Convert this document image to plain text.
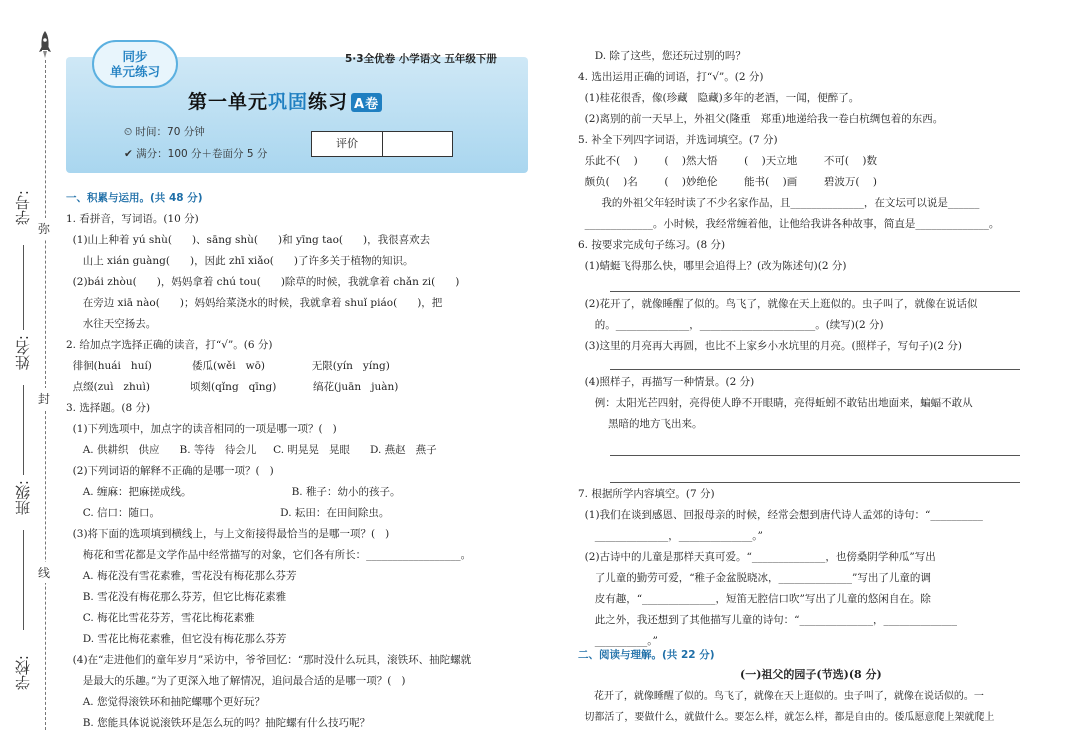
学号:
姓名:
班级:
学校:
弥
封
线
同步
单元练习
5·3全优卷 小学语文 五年级下册
第一单元巩固练习 A卷
⏲ 时间：70 分钟
✔ 满分：100 分＋卷面分 5 分
评价

一、积累与运用。(共 48 分)

1. 看拼音，写词语。(10 分)

(1)山上种着 yú shù(      )、sāng shù(      )和 yīng tao(      )，我很喜欢去

山上 xián guàng(      )，因此 zhī xiǎo(      )了许多关于植物的知识。

(2)bái zhòu(      )，妈妈拿着 chú tou(      )除草的时候，我就拿着 chǎn zi(      )

在旁边 xiā nào(      )；妈妈给菜浇水的时候，我就拿着 shuǐ piáo(      )，把

水往天空扬去。

2. 给加点字选择正确的读音，打“√”。(6 分)

徘徊(huái   huí)            倭瓜(wěi   wō)              无限(yín   yíng)

点缀(zuì   zhuì)            顷刻(qǐng   qīng)           缟花(juān   juàn)

3. 选择题。(8 分)

(1)下列选项中，加点字的读音相同的一项是哪一项？(   )

A. 供耕织   供应      B. 等待   待会儿     C. 明晃晃   晃眼      D. 燕赵   燕子

(2)下列词语的解释不正确的是哪一项？(   )

A. 缠麻：把麻搓成线。                              B. 稚子：幼小的孩子。

C. 信口：随口。                                    D. 耘田：在田间除虫。

(3)将下面的选项填到横线上，与上文衔接得最恰当的是哪一项？(   )

梅花和雪花都是文学作品中经常描写的对象，它们各有所长：__________________。

A. 梅花没有雪花素雅，雪花没有梅花那么芬芳

B. 雪花没有梅花那么芬芳，但它比梅花素雅

C. 梅花比雪花芬芳，雪花比梅花素雅

D. 雪花比梅花素雅，但它没有梅花那么芬芳

(4)在“走进他们的童年岁月”采访中，爷爷回忆：“那时没什么玩具，滚铁环、抽陀螺就

是最大的乐趣。”为了更深入地了解情况，追问最合适的是哪一项？(   )

A. 您觉得滚铁环和抽陀螺哪个更好玩？

B. 您能具体说说滚铁环是怎么玩的吗？抽陀螺有什么技巧呢？

D. 除了这些，您还玩过别的吗？

4. 选出运用正确的词语，打“√”。(2 分)

(1)桂花很香，像(珍藏   隐藏)多年的老酒，一闻，便醉了。

(2)离别的前一天早上，外祖父(隆重   郑重)地递给我一卷白杭绸包着的东西。

5. 补全下列四字词语，并选词填空。(7 分)

乐此不(    )        (    )然大悟        (    )天立地        不可(    )数

颇负(    )名        (    )妙绝伦        能书(    )画        碧波万(    )

我的外祖父年轻时读了不少名家作品，且______________，在文坛可以说是______

_____________。小时候，我经常缠着他，让他给我讲各种故事，简直是______________。

6. 按要求完成句子练习。(8 分)

(1)蜻蜓飞得那么快，哪里会追得上？(改为陈述句)(2 分)

(2)花开了，就像睡醒了似的。鸟飞了，就像在天上逛似的。虫子叫了，就像在说话似

的。______________，______________________。(续写)(2 分)

(3)这里的月亮再大再圆，也比不上家乡小水坑里的月亮。(照样子，写句子)(2 分)

(4)照样子，再描写一种情景。(2 分)

例：太阳光芒四射，亮得使人睁不开眼睛，亮得蚯蚓不敢钻出地面来，蝙蝠不敢从

黑暗的地方飞出来。

7. 根据所学内容填空。(7 分)

(1)我们在谈到感恩、回报母亲的时候，经常会想到唐代诗人孟郊的诗句：“__________

______________，______________。”

(2)古诗中的儿童是那样天真可爱。“______________，也傍桑阴学种瓜”写出

了儿童的勤劳可爱，“稚子金盆脱晓冰，______________”写出了儿童的调

皮有趣，“______________，短笛无腔信口吹”写出了儿童的悠闲自在。除

此之外，我还想到了其他描写儿童的诗句：“______________，______________

__________。”

二、阅读与理解。(共 22 分)

(一)祖父的园子(节选)(8 分)

花开了，就像睡醒了似的。鸟飞了，就像在天上逛似的。虫子叫了，就像在说话似的。一

切都活了，要做什么，就做什么。要怎么样，就怎么样，都是自由的。倭瓜愿意爬上架就爬上
